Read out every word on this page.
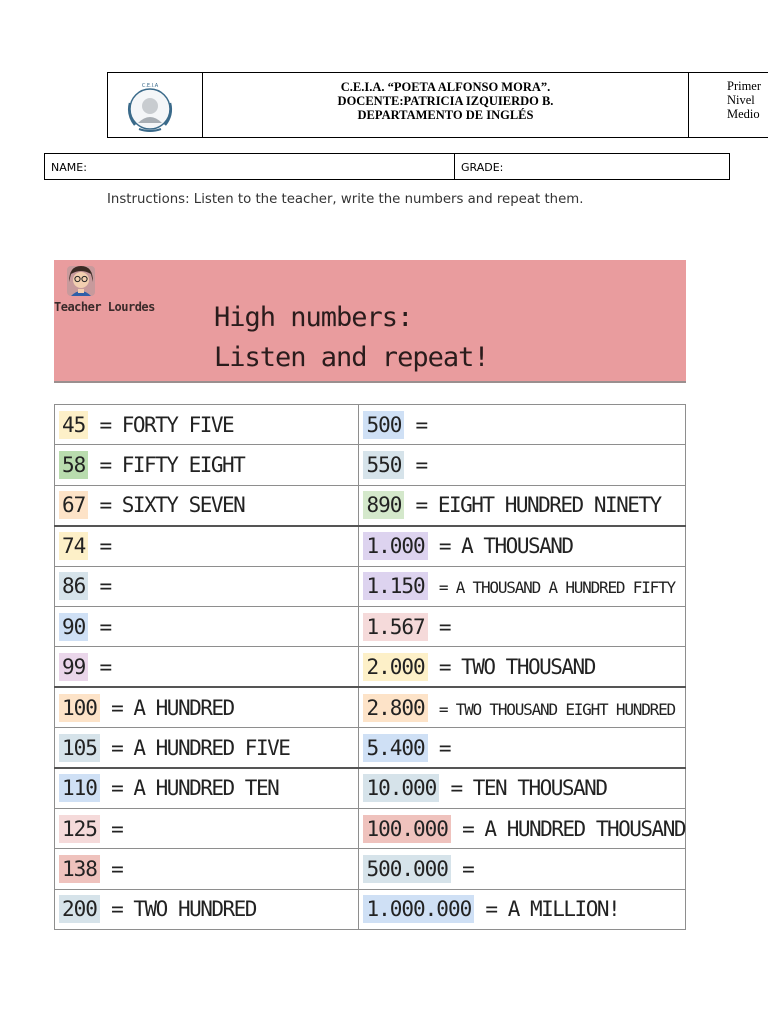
C.E.I.A	C.E.I.A. “POETA ALFONSO MORA”.
DOCENTE:PATRICIA IZQUIERDO B.
DEPARTAMENTO DE INGLÉS
Primer
Nivel
Medio
NAME:	GRADE:
Instructions: Listen to the teacher, write the numbers and repeat them.
Teacher Lourdes High numbers:
Listen and repeat!
45 = FORTY FIVE	500 =
58 = FIFTY EIGHT	550 =
67 = SIXTY SEVEN	890 = EIGHT HUNDRED NINETY
74 =	1.000 = A THOUSAND
86 =	1.150 = A THOUSAND A HUNDRED FIFTY
90 =	1.567 =
99 =	2.000 = TWO THOUSAND
100 = A HUNDRED	2.800 = TWO THOUSAND EIGHT HUNDRED
105 = A HUNDRED FIVE	5.400 =
110 = A HUNDRED TEN	10.000 = TEN THOUSAND
125 =	100.000 = A HUNDRED THOUSAND
138 =	500.000 =
200 = TWO HUNDRED	1.000.000 = A MILLION!
